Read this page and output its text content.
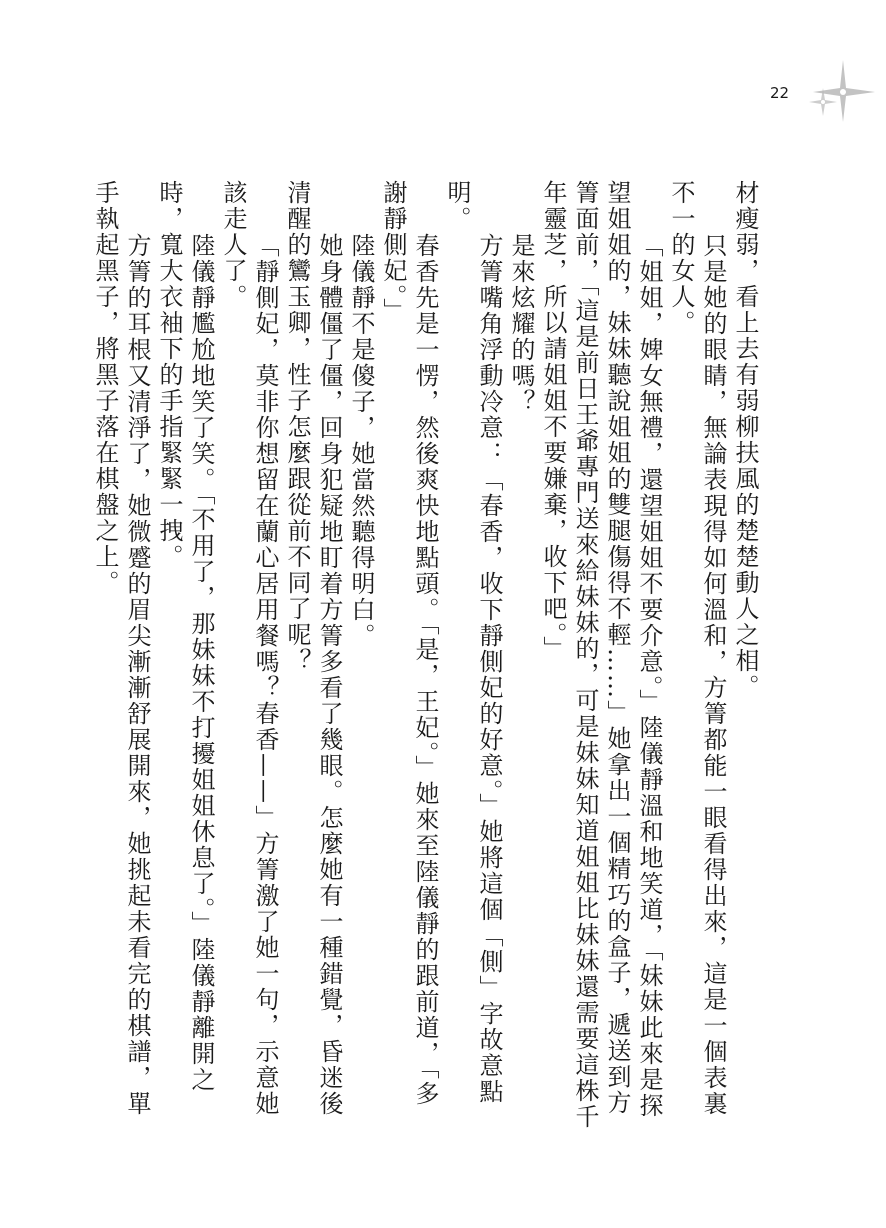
22

材瘦弱，看上去有弱柳扶風的楚楚動人之相。

只是她的眼睛，無論表現得如何溫和，方箐都能一眼看得出來，這是一個表裏不一的女人。

「姐姐，婢女無禮，還望姐姐不要介意。」陸儀靜溫和地笑道，「妹妹此來是探望姐姐的，妹妹聽說姐姐的雙腿傷得不輕……」她拿出一個精巧的盒子，遞送到方箐面前，「這是前日王爺專門送來給妹妹的，可是妹妹知道姐姐比妹妹還需要這株千年靈芝，所以請姐姐不要嫌棄，收下吧。」

是來炫耀的嗎？

方箐嘴角浮動冷意：「春香，收下靜側妃的好意。」她將這個「側」字故意點明。

春香先是一愣，然後爽快地點頭。「是，王妃。」她來至陸儀靜的跟前道，「多謝靜側妃。」

陸儀靜不是傻子，她當然聽得明白。

她身體僵了僵，回身犯疑地盯着方箐多看了幾眼。怎麼她有一種錯覺，昏迷後清醒的鸞玉卿，性子怎麼跟從前不同了呢？

「靜側妃，莫非你想留在蘭心居用餐嗎？春香——」方箐激了她一句，示意她該走人了。

陸儀靜尷尬地笑了笑。「不用了，那妹妹不打擾姐姐休息了。」陸儀靜離開之時，寬大衣袖下的手指緊緊一拽。

方箐的耳根又清淨了，她微蹙的眉尖漸漸舒展開來，她挑起未看完的棋譜，單手執起黑子，將黑子落在棋盤之上。
